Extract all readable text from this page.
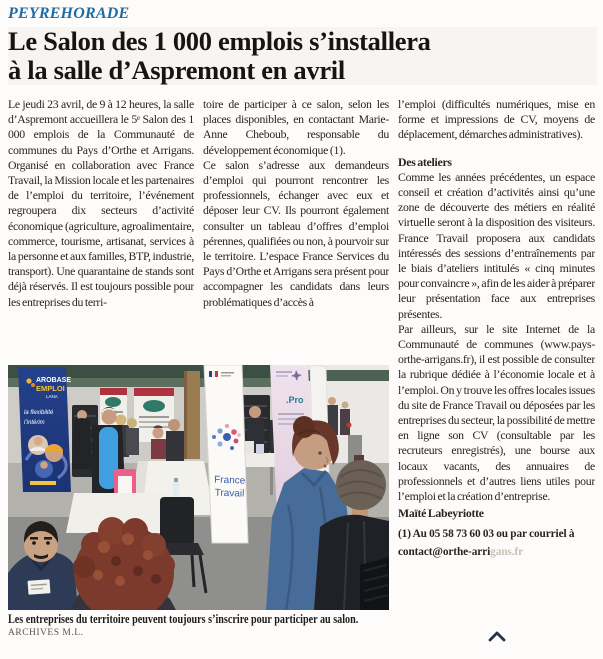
PEYREHORADE
Le Salon des 1 000 emplois s’installera
à la salle d’Aspremont en avril

Le jeudi 23 avril, de 9 à 12 heures, la salle d’Aspremont accueillera le 5ᵉ Salon des 1 000 emplois de la Communauté de communes du Pays d’Orthe et Arrigans. Organisé en collaboration avec France Travail, la Mission locale et les partenaires de l’emploi du territoire, l’événement regroupera dix secteurs d’activité économique (agriculture, agroalimentaire, commerce, tourisme, artisanat, services à la personne et aux familles, BTP, industrie, transport). Une quarantaine de stands sont déjà réservés. Il est toujours possible pour les entreprises du terri-

toire de participer à ce salon, selon les places disponibles, en contactant Marie-Anne Cheboub, responsable du développement économique (1).

Ce salon s’adresse aux demandeurs d’emploi qui pourront rencontrer les professionnels, échanger avec eux et déposer leur CV. Ils pourront également consulter un tableau d’offres d’emploi pérennes, qualifiées ou non, à pourvoir sur le territoire. L’espace France Services du Pays d’Orthe et Arrigans sera présent pour accompagner les candidats dans leurs problématiques d’accès à

l’emploi (difficultés numériques, mise en forme et impressions de CV, moyens de déplacement, démarches administratives).

Des ateliers

Comme les années précédentes, un espace conseil et création d’activités ainsi qu’une zone de découverte des métiers en réalité virtuelle seront à la disposition des visiteurs. France Travail proposera aux candidats intéressés des sessions d’entraînements par le biais d’ateliers intitulés « cinq minutes pour convaincre », afin de les aider à préparer leur présentation face aux entreprises présentes.

Par ailleurs, sur le site Internet de la Communauté de communes (www.pays-orthe-arrigans.fr), il est possible de consulter la rubrique dédiée à l’économie locale et à l’emploi. On y trouve les offres locales issues du site de France Travail ou déposées par les entreprises du secteur, la possibilité de mettre en ligne son CV (consultable par les recruteurs enregistrés), une bourse aux locaux vacants, des annuaires de professionnels et d’autres liens utiles pour l’emploi et la création d’entreprise.

Maïté Labeyriotte

(1) Au 05 58 73 60 03 ou par courriel à
contact@orthe-arrigans.fr

AROBASE
EMPLOI
LANA
la flexibilité
l’intérim
France
Travail
.Pro
Les entreprises du territoire peuvent toujours s’inscrire pour participer au salon.
ARCHIVES M.L.
